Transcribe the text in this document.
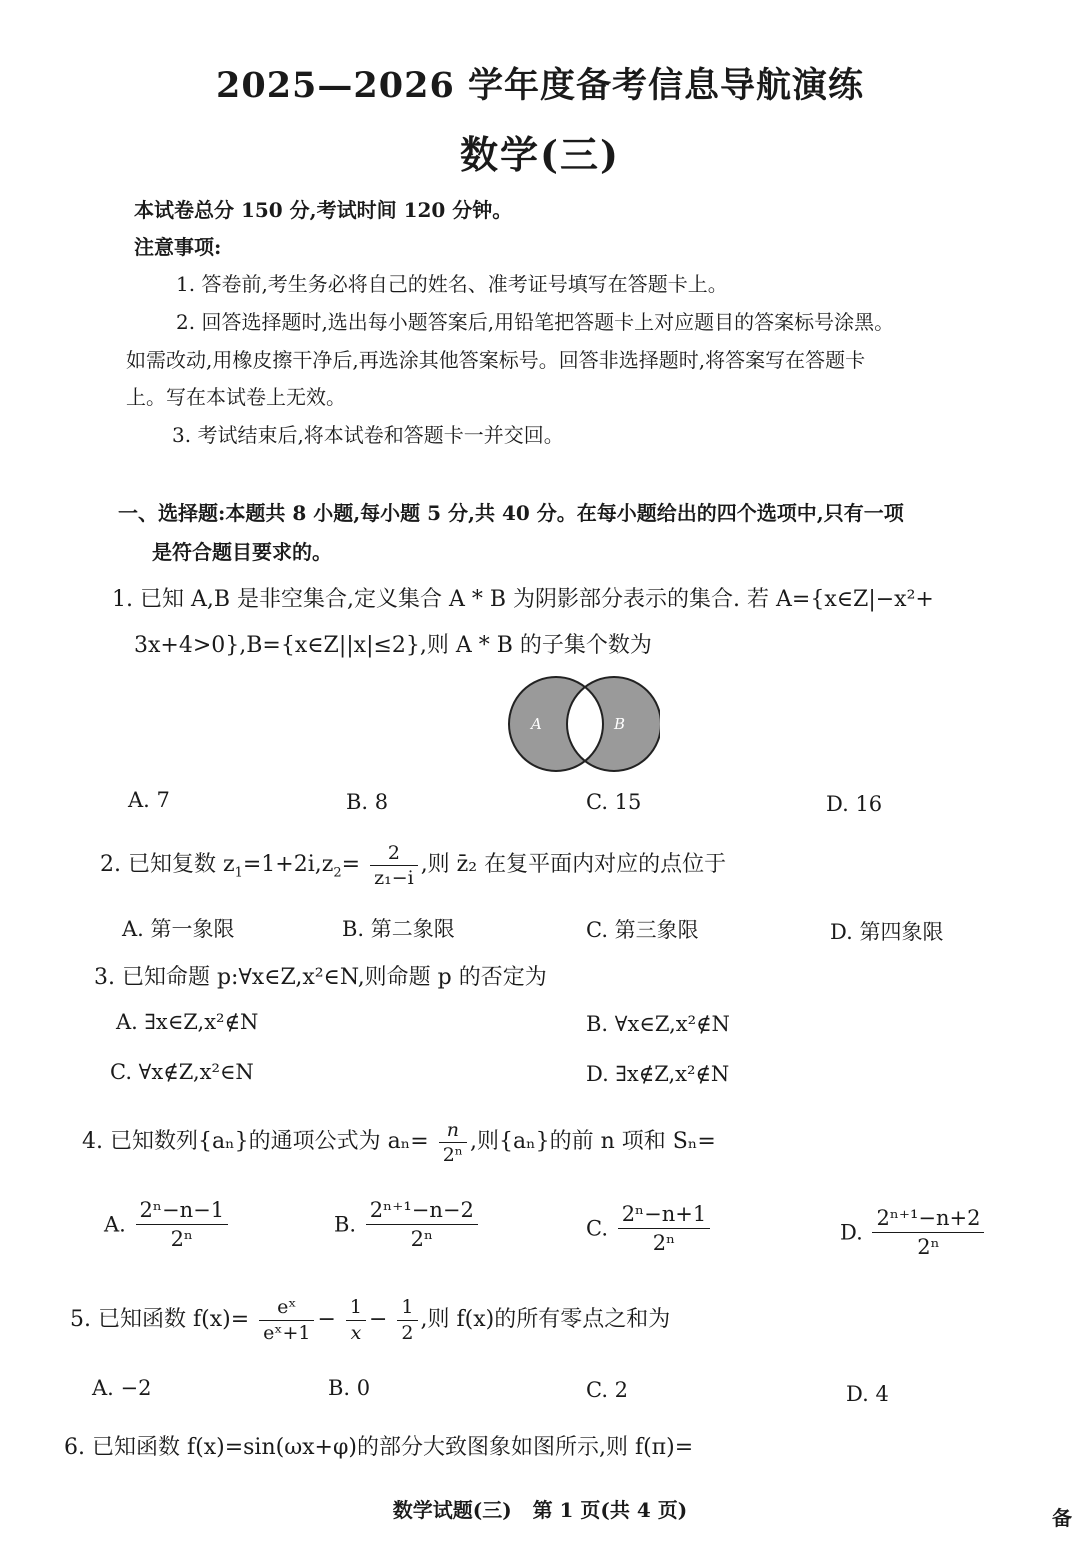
2025—2026 学年度备考信息导航演练
数学(三)
本试卷总分 150 分,考试时间 120 分钟。
注意事项:
1. 答卷前,考生务必将自己的姓名、准考证号填写在答题卡上。
2. 回答选择题时,选出每小题答案后,用铅笔把答题卡上对应题目的答案标号涂黑。
如需改动,用橡皮擦干净后,再选涂其他答案标号。回答非选择题时,将答案写在答题卡
上。写在本试卷上无效。
3. 考试结束后,将本试卷和答题卡一并交回。
一、选择题:本题共 8 小题,每小题 5 分,共 40 分。在每小题给出的四个选项中,只有一项
是符合题目要求的。
1. 已知 A,B 是非空集合,定义集合 A * B 为阴影部分表示的集合. 若 A={x∈Z|−x²+
3x+4>0},B={x∈Z||x|≤2},则 A * B 的子集个数为
A	B
A. 7	B. 8	C. 15	D. 16
2. 已知复数 $z_1=1+2i,z_2= \frac{2}{\text{z₁−i}}$ ,则 z̄₂ 在复平面内对应的点位于
A. 第一象限	B. 第二象限	C. 第三象限	D. 第四象限
3. 已知命题 p:∀x∈Z,x²∈N,则命题 p 的否定为
A. ∃x∈Z,x²∉N	B. ∀x∈Z,x²∉N
C. ∀x∉Z,x²∈N	D. ∃x∉Z,x²∉N
4. 已知数列{aₙ}的通项公式为 $a_n= \frac{n}{\text{2ⁿ}}$ ,则{aₙ}的前 n 项和 Sₙ=
A. $\frac{\text{2ⁿ−n−1}}{\text{2ⁿ}}$	B. $\frac{\text{2ⁿ⁺¹−n−2}}{\text{2ⁿ}}$	C. $\frac{\text{2ⁿ−n+1}}{\text{2ⁿ}}$	D. $\frac{\text{2ⁿ⁺¹−n+2}}{\text{2ⁿ}}$
5. 已知函数 $f(x)= \frac{\text{eˣ}}{\text{eˣ+1}} - \frac{1}{x} - \frac{1}{2}$ ,则 f(x)的所有零点之和为
A. −2	B. 0	C. 2	D. 4
6. 已知函数 f(x)=sin(ωx+φ)的部分大致图象如图所示,则 f(π)=
数学试题(三)   第 1 页(共 4 页)	备
